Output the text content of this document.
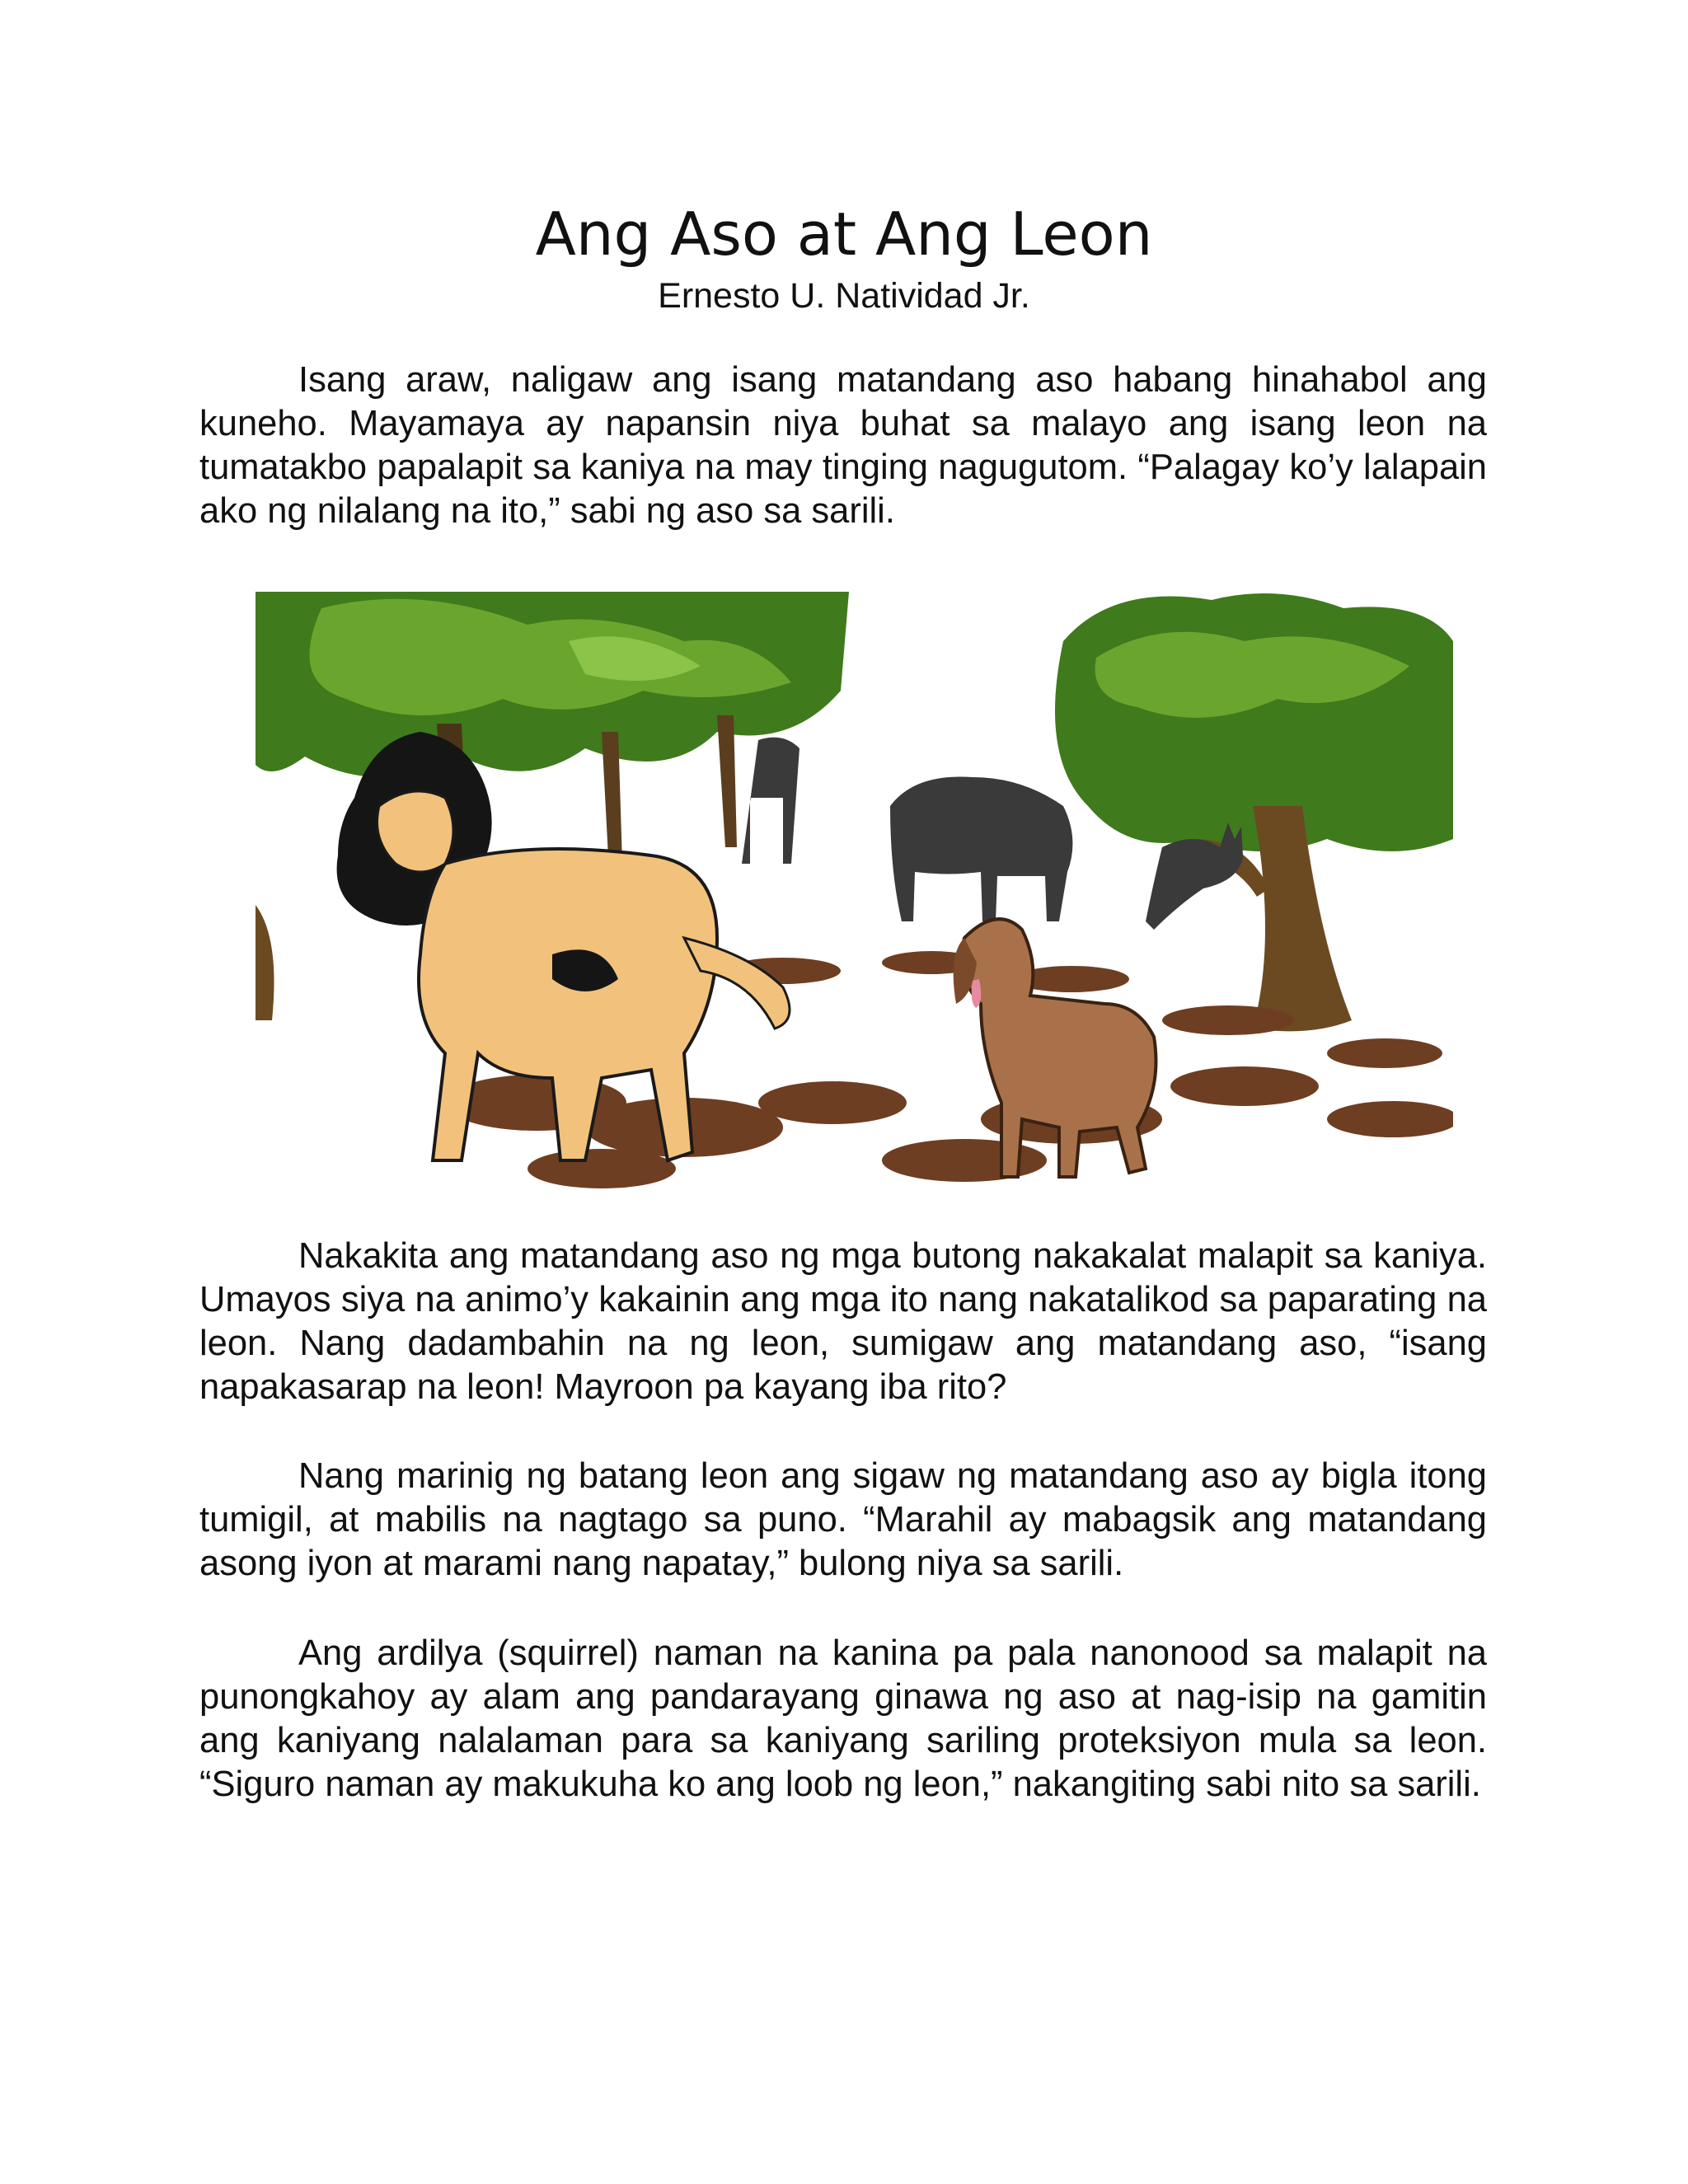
Ang Aso at Ang Leon
Ernesto U. Natividad Jr.

Isang araw, naligaw ang isang matandang aso habang hinahabol ang kuneho. Mayamaya ay napansin niya buhat sa malayo ang isang leon na tumatakbo papalapit sa kaniya na may tinging nagugutom. “Palagay ko’y lalapain ako ng nilalang na ito,” sabi ng aso sa sarili.

Nakakita ang matandang aso ng mga butong nakakalat malapit sa kaniya. Umayos siya na animo’y kakainin ang mga ito nang nakatalikod sa paparating na leon. Nang dadambahin na ng leon, sumigaw ang matandang aso, “isang napakasarap na leon! Mayroon pa kayang iba rito?

Nang marinig ng batang leon ang sigaw ng matandang aso ay bigla itong tumigil, at mabilis na nagtago sa puno. “Marahil ay mabagsik ang matandang asong iyon at marami nang napatay,” bulong niya sa sarili.

Ang ardilya (squirrel) naman na kanina pa pala nanonood sa malapit na punongkahoy ay alam ang pandarayang ginawa ng aso at nag-isip na gamitin ang kaniyang nalalaman para sa kaniyang sariling proteksiyon mula sa leon. “Siguro naman ay makukuha ko ang loob ng leon,” nakangiting sabi nito sa sarili.
